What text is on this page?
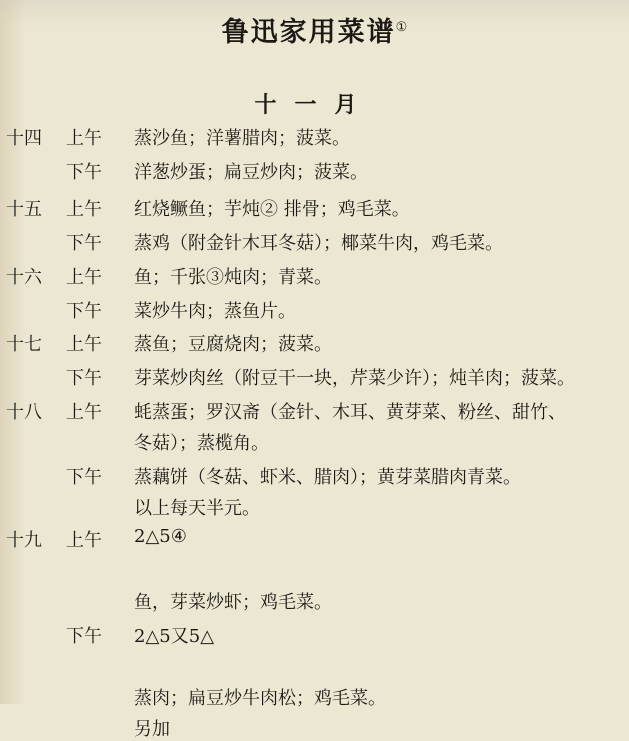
鲁迅家用菜谱①
十一月
十四 上午 蒸沙鱼；洋薯腊肉；菠菜。
下午 洋葱炒蛋；扁豆炒肉；菠菜。
十五 上午 红烧鳜鱼；芋炖② 排骨；鸡毛菜。
下午 蒸鸡（附金针木耳冬菇）；椰菜牛肉，鸡毛菜。
十六 上午 鱼；千张③炖肉；青菜。
下午 菜炒牛肉；蒸鱼片。
十七 上午 蒸鱼；豆腐烧肉；菠菜。
下午 芽菜炒肉丝（附豆干一块，芹菜少许）；炖羊肉；菠菜。
十八 上午 蚝蒸蛋；罗汉斋（金针、木耳、黄芽菜、粉丝、甜竹、
冬菇）；蒸榄角。
下午 蒸藕饼（冬菇、虾米、腊肉）；黄芽菜腊肉青菜。
以上每天半元。
十九 上午 2△5④
鱼，芽菜炒虾；鸡毛菜。
下午 2△5又5△
蒸肉；扁豆炒牛肉松；鸡毛菜。
另加
